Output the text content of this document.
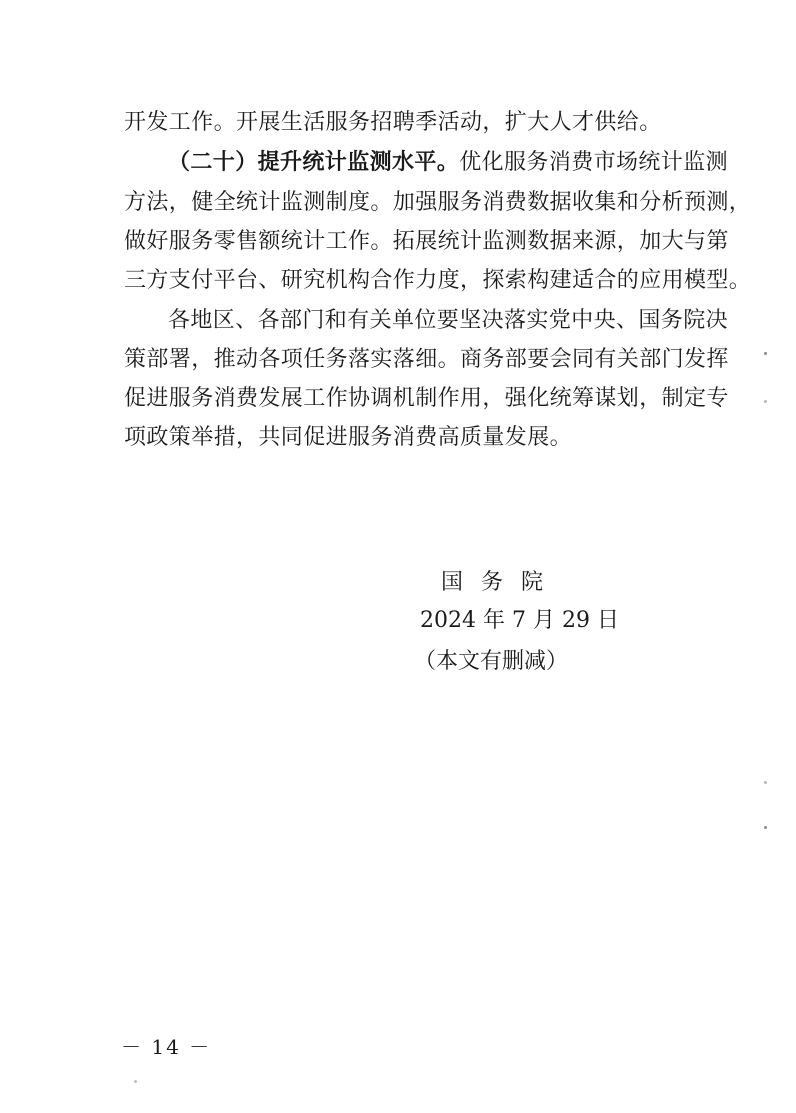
开发工作。开展生活服务招聘季活动，扩大人才供给。
（二十）提升统计监测水平。优化服务消费市场统计监测
方法，健全统计监测制度。加强服务消费数据收集和分析预测，
做好服务零售额统计工作。拓展统计监测数据来源，加大与第
三方支付平台、研究机构合作力度，探索构建适合的应用模型。
各地区、各部门和有关单位要坚决落实党中央、国务院决
策部署，推动各项任务落实落细。商务部要会同有关部门发挥
促进服务消费发展工作协调机制作用，强化统筹谋划，制定专
项政策举措，共同促进服务消费高质量发展。
国务院
2024 年 7 月 29 日
（本文有删减）
－ 14 －
